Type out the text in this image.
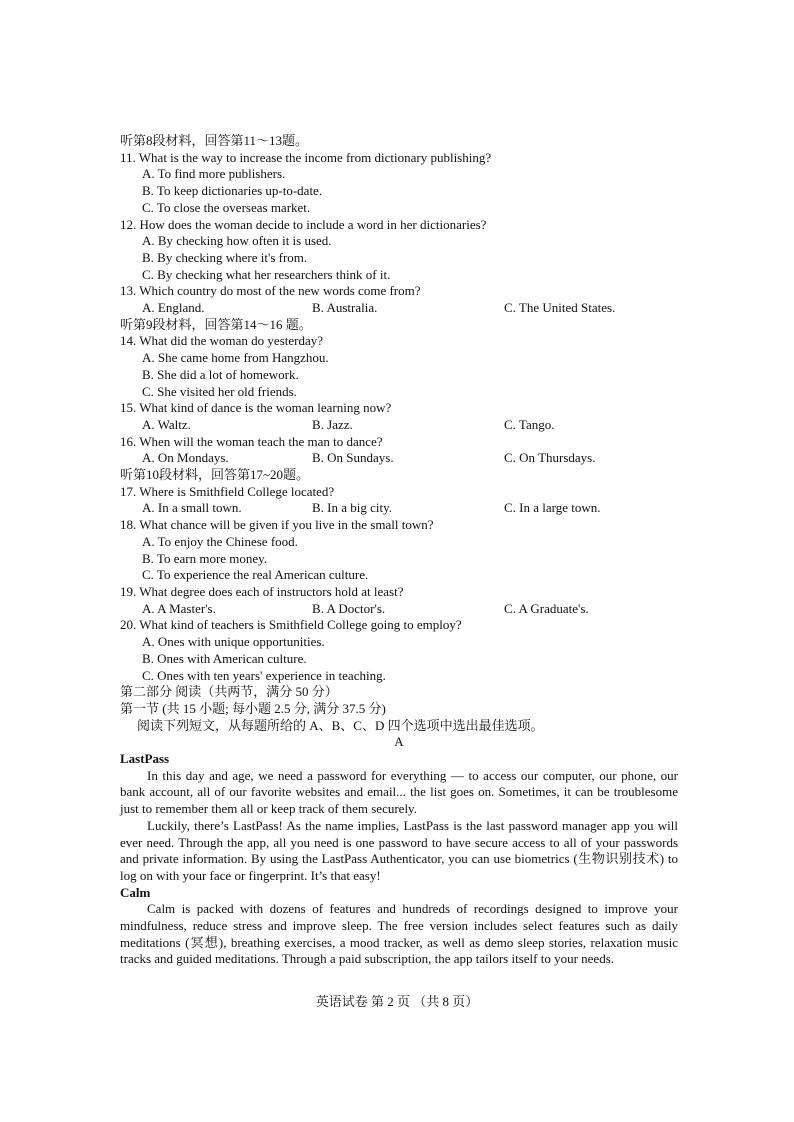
听第8段材料，回答第11～13题。
11. What is the way to increase the income from dictionary publishing?
A. To find more publishers.
B. To keep dictionaries up-to-date.
C. To close the overseas market.
12. How does the woman decide to include a word in her dictionaries?
A. By checking how often it is used.
B. By checking where it's from.
C. By checking what her researchers think of it.
13. Which country do most of the new words come from?
A. England.	B. Australia.	C. The United States.
听第9段材料，回答第14～16 题。
14. What did the woman do yesterday?
A. She came home from Hangzhou.
B. She did a lot of homework.
C. She visited her old friends.
15. What kind of dance is the woman learning now?
A. Waltz.	B. Jazz.	C. Tango.
16. When will the woman teach the man to dance?
A. On Mondays.	B. On Sundays.	C. On Thursdays.
听第10段材料，回答第17~20题。
17. Where is Smithfield College located?
A. In a small town.	B. In a big city.	C. In a large town.
18. What chance will be given if you live in the small town?
A. To enjoy the Chinese food.
B. To earn more money.
C. To experience the real American culture.
19. What degree does each of instructors hold at least?
A. A Master's.	B. A Doctor's.	C. A Graduate's.
20. What kind of teachers is Smithfield College going to employ?
A. Ones with unique opportunities.
B. Ones with American culture.
C. Ones with ten years' experience in teaching.
第二部分 阅读（共两节，满分 50 分）
第一节 (共 15 小题; 每小题 2.5 分, 满分 37.5 分)
阅读下列短文，从每题所给的 A、B、C、D 四个选项中选出最佳选项。
A
LastPass
In this day and age, we need a password for everything — to access our computer, our phone, our bank account, all of our favorite websites and email... the list goes on. Sometimes, it can be troublesome just to remember them all or keep track of them securely.
Luckily, there’s LastPass! As the name implies, LastPass is the last password manager app you will ever need. Through the app, all you need is one password to have secure access to all of your passwords and private information. By using the LastPass Authenticator, you can use biometrics (生物识别技术) to log on with your face or fingerprint. It’s that easy!
Calm
Calm is packed with dozens of features and hundreds of recordings designed to improve your mindfulness, reduce stress and improve sleep. The free version includes select features such as daily meditations (冥想), breathing exercises, a mood tracker, as well as demo sleep stories, relaxation music tracks and guided meditations. Through a paid subscription, the app tailors itself to your needs.
英语试卷 第 2 页 （共 8 页）
